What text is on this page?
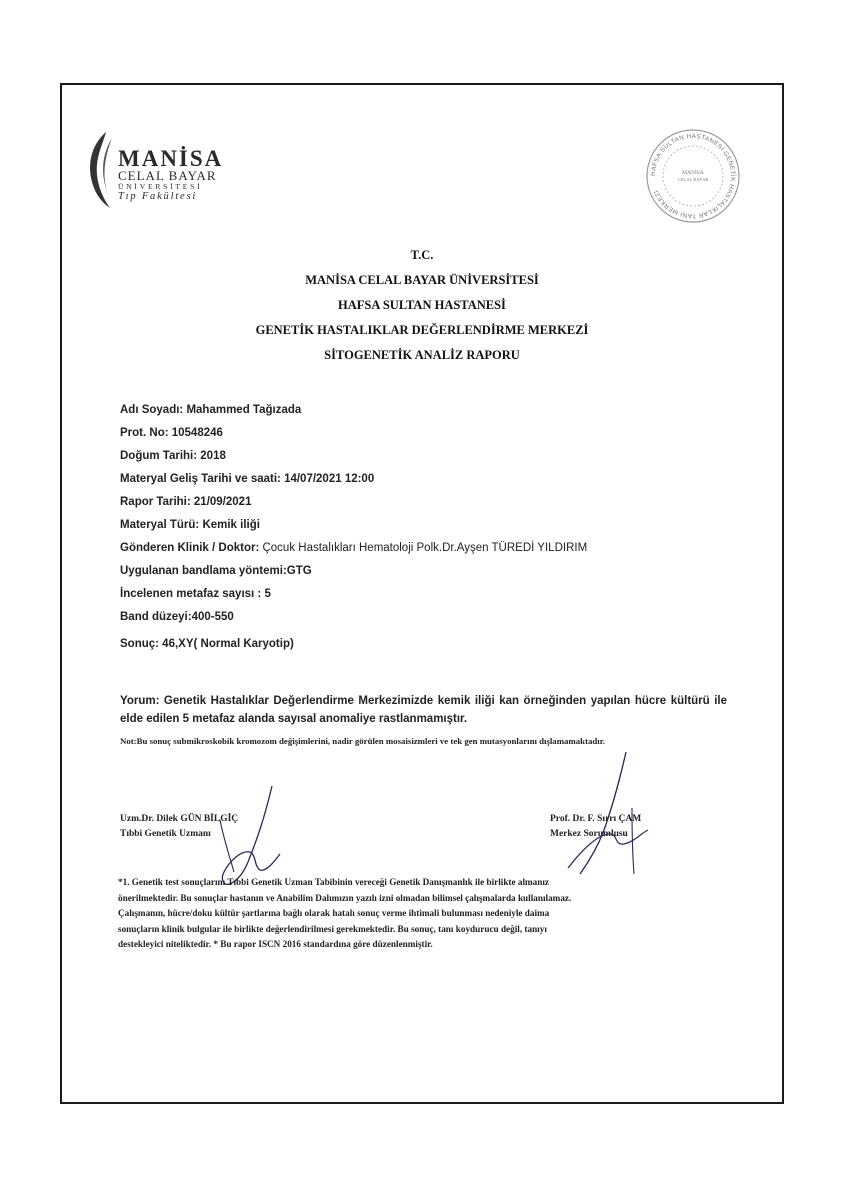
MANİSA
CELAL BAYAR
ÜNİVERSİTESİ
Tıp Fakültesi
HAFSA SULTAN HASTANESİ GENETİK HASTALIKLAR TANI MERKEZİ
MANİSA
CELAL BAYAR
T.C.
MANİSA CELAL BAYAR ÜNİVERSİTESİ
HAFSA SULTAN HASTANESİ
GENETİK HASTALIKLAR DEĞERLENDİRME MERKEZİ
SİTOGENETİK ANALİZ RAPORU
Adı Soyadı: Mahammed Tağızada
Prot. No: 10548246
Doğum Tarihi: 2018
Materyal Geliş Tarihi ve saati: 14/07/2021 12:00
Rapor Tarihi: 21/09/2021
Materyal Türü: Kemik iliği
Gönderen Klinik / Doktor: Çocuk Hastalıkları Hematoloji Polk.Dr.Ayşen TÜREDİ YILDIRIM
Uygulanan bandlama yöntemi:GTG
İncelenen metafaz sayısı : 5
Band düzeyi:400-550
Sonuç: 46,XY( Normal Karyotip)
Yorum: Genetik Hastalıklar Değerlendirme Merkezimizde kemik iliği kan örneğinden yapılan hücre kültürü ile elde edilen 5 metafaz alanda sayısal anomaliye rastlanmamıştır.
Not:Bu sonuç submikroskobik kromozom değişimlerini, nadir görülen mosaisizmleri ve tek gen mutasyonlarını dışlamamaktadır.
Uzm.Dr. Dilek GÜN BİLGİÇ
Tıbbi Genetik Uzmanı
Prof. Dr. F. Sırrı ÇAM
Merkez Sorumlusu
*1. Genetik test sonuçlarını Tıbbi Genetik Uzman Tabibinin vereceği Genetik Danışmanlık ile birlikte almanız
önerilmektedir. Bu sonuçlar hastanın ve Anabilim Dalımızın yazılı izni olmadan bilimsel çalışmalarda kullanılamaz.
Çalışmanın, hücre/doku kültür şartlarına bağlı olarak hatalı sonuç verme ihtimali bulunması nedeniyle daima
sonuçların klinik bulgular ile birlikte değerlendirilmesi gerekmektedir. Bu sonuç, tanı koydurucu değil, tanıyı
destekleyici niteliktedir. * Bu rapor ISCN 2016 standardına göre düzenlenmiştir.
